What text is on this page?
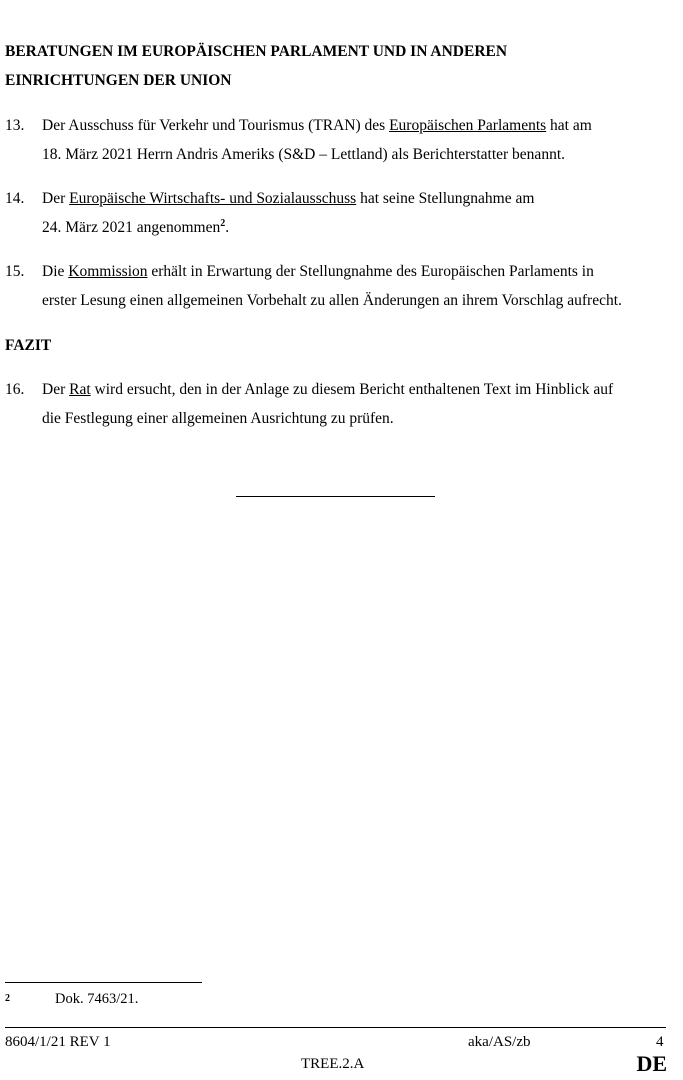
BERATUNGEN IM EUROPÄISCHEN PARLAMENT UND IN ANDEREN
EINRICHTUNGEN DER UNION
13.	Der Ausschuss für Verkehr und Tourismus (TRAN) des Europäischen Parlaments hat am
18. März 2021 Herrn Andris Ameriks (S&D – Lettland) als Berichterstatter benannt.
14.	Der Europäische Wirtschafts- und Sozialausschuss hat seine Stellungnahme am
24. März 2021 angenommen$^2$.
15.	Die Kommission erhält in Erwartung der Stellungnahme des Europäischen Parlaments in
erster Lesung einen allgemeinen Vorbehalt zu allen Änderungen an ihrem Vorschlag aufrecht.
FAZIT
16.	Der Rat wird ersucht, den in der Anlage zu diesem Bericht enthaltenen Text im Hinblick auf
die Festlegung einer allgemeinen Ausrichtung zu prüfen.
2	Dok. 7463/21.
8604/1/21 REV 1	aka/AS/zb	4
TREE.2.A	DE
